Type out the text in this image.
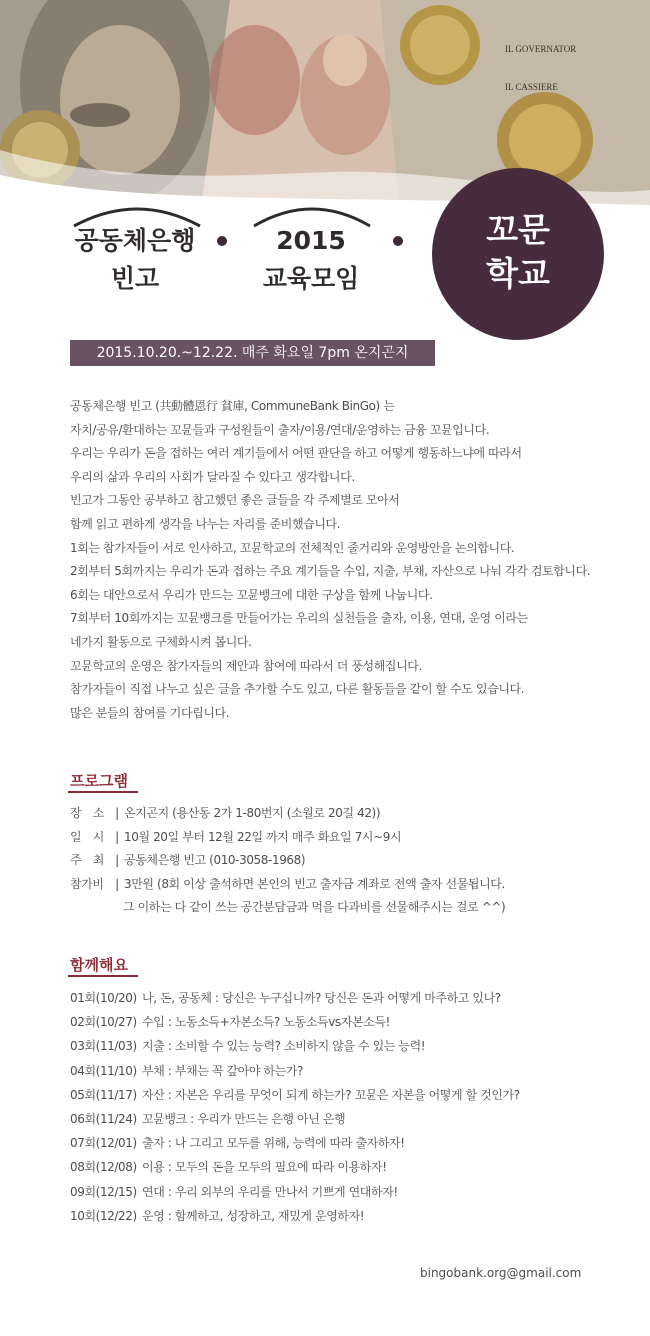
IL GOVERNATOR
IL CASSIERE
공동체은행
빈고
2015
교육모임
꼬문
학교
2015.10.20.~12.22. 매주 화요일 7pm 온지곤지
공동체은행 빈고 (共動體恩行 貧庫, CommuneBank BinGo) 는
자치/공유/환대하는 꼬뮨들과 구성원들이 출자/이용/연대/운영하는 금융 꼬뮨입니다.
우리는 우리가 돈을 접하는 여러 계기들에서 어떤 판단을 하고 어떻게 행동하느냐에 따라서
우리의 삶과 우리의 사회가 달라질 수 있다고 생각합니다.
빈고가 그동안 공부하고 참고했던 좋은 글들을 각 주제별로 모아서
함께 읽고 편하게 생각을 나누는 자리를 준비했습니다.
1회는 참가자들이 서로 인사하고, 꼬뮨학교의 전체적인 줄거리와 운영방안을 논의합니다.
2회부터 5회까지는 우리가 돈과 접하는 주요 계기들을 수입, 지출, 부채, 자산으로 나눠 각각 검토합니다.
6회는 대안으로서 우리가 만드는 꼬뮨뱅크에 대한 구상을 함께 나눕니다.
7회부터 10회까지는 꼬뮨뱅크를 만들어가는 우리의 실천들을 출자, 이용, 연대, 운영 이라는
네가지 활동으로 구체화시켜 봅니다.
꼬뮨학교의 운영은 참가자들의 제안과 참여에 따라서 더 풍성해집니다.
참가자들이 직접 나누고 싶은 글을 추가할 수도 있고, 다른 활동들을 같이 할 수도 있습니다.
많은 분들의 참여를 기다립니다.
프로그램
장　소 | 온지곤지 (용산동 2가 1-80번지 (소월로 20길 42))
일　시 | 10월 20일 부터 12월 22일 까지 매주 화요일 7시~9시
주　최 | 공동체은행 빈고 (010-3058-1968)
참가비 | 3만원 (8회 이상 출석하면 본인의 빈고 출자금 계좌로 전액 출자 선물됩니다.
그 이하는 다 같이 쓰는 공간분담금과 먹을 다과비를 선물해주시는 걸로 ^^)
함께해요
01회(10/20) 나, 돈, 공동체 : 당신은 누구십니까? 당신은 돈과 어떻게 마주하고 있나?
02회(10/27) 수입 : 노동소득+자본소득? 노동소득vs자본소득!
03회(11/03) 지출 : 소비할 수 있는 능력? 소비하지 않을 수 있는 능력!
04회(11/10) 부채 : 부채는 꼭 갚아야 하는가?
05회(11/17) 자산 : 자본은 우리를 무엇이 되게 하는가? 꼬뮨은 자본을 어떻게 할 것인가?
06회(11/24) 꼬뮨뱅크 : 우리가 만드는 은행 아닌 은행
07회(12/01) 출자 : 나 그리고 모두를 위해, 능력에 따라 출자하자!
08회(12/08) 이용 : 모두의 돈을 모두의 필요에 따라 이용하자!
09회(12/15) 연대 : 우리 외부의 우리를 만나서 기쁘게 연대하자!
10회(12/22) 운영 : 함께하고, 성장하고, 재밌게 운영하자!
bingobank.org@gmail.com
